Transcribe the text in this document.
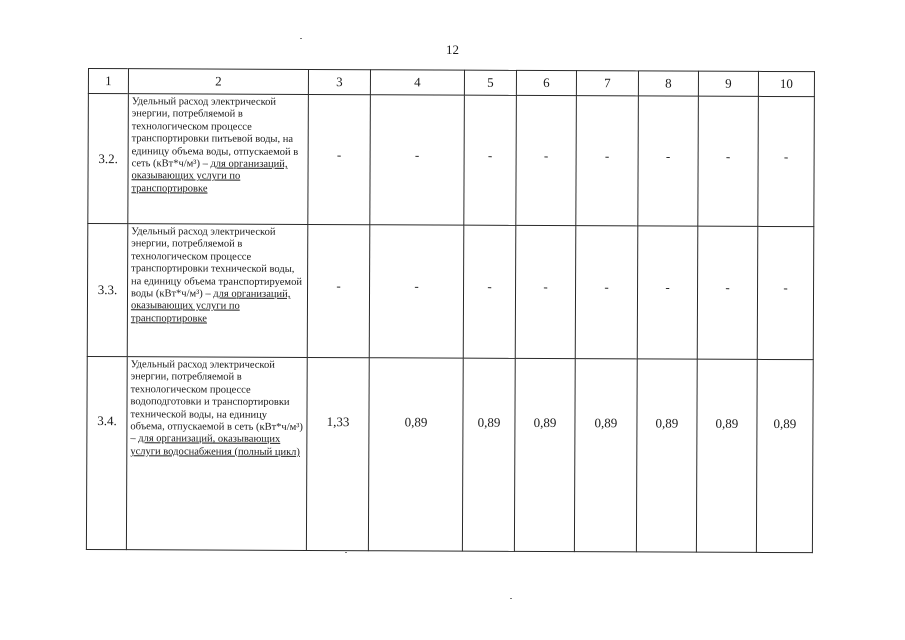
12
1	2	3	4	5	6	7	8	9	10
3.2.	Удельный расход электрической энергии, потребляемой в технологическом процессе транспортировки питьевой воды, на единицу объема воды, отпускаемой в сеть (кВт*ч/м³) – для организаций, оказывающих услуги по транспортировке	-	-	-	-	-	-	-	-
3.3.	Удельный расход электрической энергии, потребляемой в технологическом процессе транспортировки технической воды, на единицу объема транспортируемой воды (кВт*ч/м³) – для организаций, оказывающих услуги по транспортировке	-	-	-	-	-	-	-	-
3.4.	Удельный расход электрической энергии, потребляемой в технологическом процессе водоподготовки и транспортировки технической воды, на единицу объема, отпускаемой в сеть (кВт*ч/м³) – для организаций, оказывающих услуги водоснабжения (полный цикл)	1,33	0,89	0,89	0,89	0,89	0,89	0,89	0,89
